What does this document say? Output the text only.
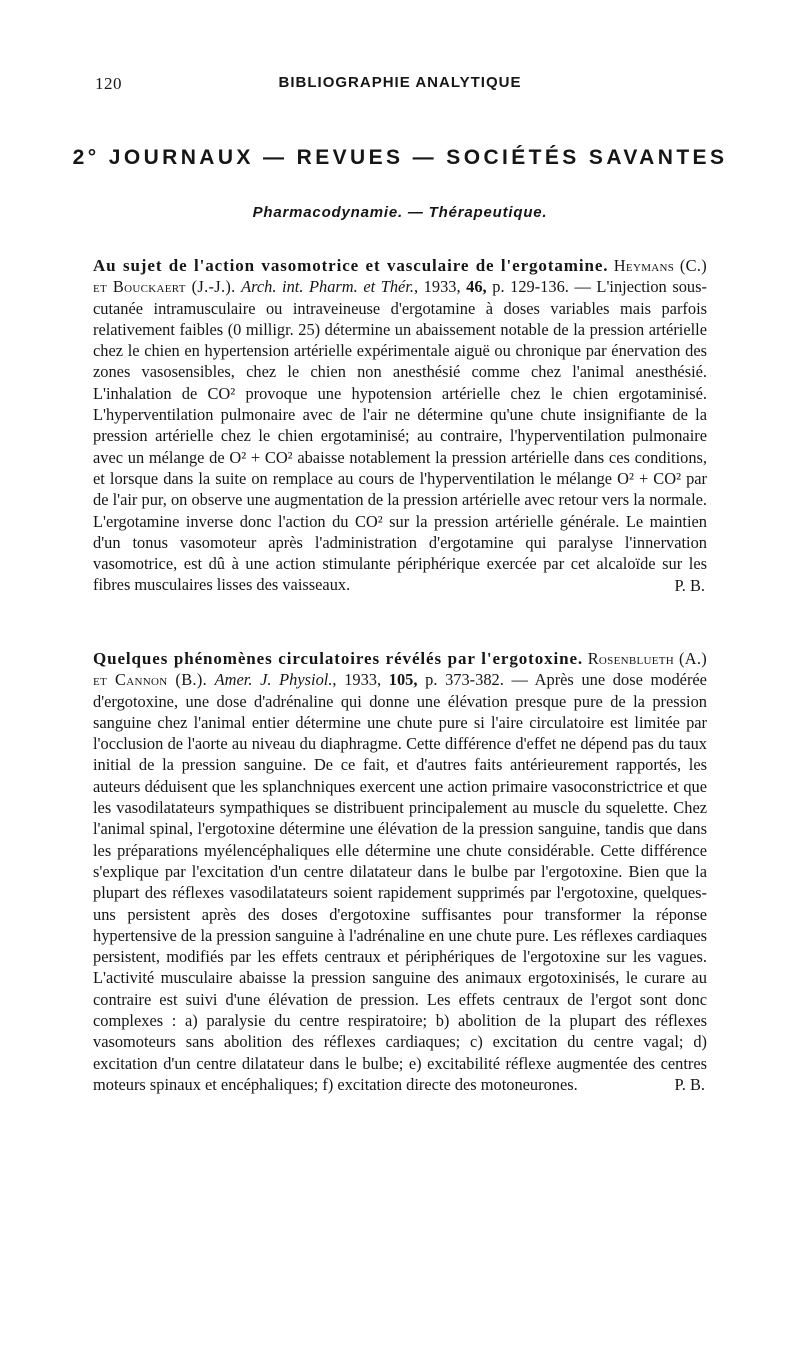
120	BIBLIOGRAPHIE ANALYTIQUE
2° JOURNAUX — REVUES — SOCIÉTÉS SAVANTES
Pharmacodynamie. — Thérapeutique.
Au sujet de l'action vasomotrice et vasculaire de l'ergotamine. Heymans (C.) et Bouckaert (J.-J.). Arch. int. Pharm. et Thér., 1933, 46, p. 129-136. — L'injection sous-cutanée intramusculaire ou intraveineuse d'ergotamine à doses variables mais parfois relativement faibles (0 milligr. 25) détermine un abaissement notable de la pression artérielle chez le chien en hypertension artérielle expérimentale aiguë ou chronique par énervation des zones vasosensibles, chez le chien non anesthésié comme chez l'animal anesthésié. L'inhalation de CO² provoque une hypotension artérielle chez le chien ergotaminisé. L'hyperventilation pulmonaire avec de l'air ne détermine qu'une chute insignifiante de la pression artérielle chez le chien ergotaminisé; au contraire, l'hyperventilation pulmonaire avec un mélange de O² + CO² abaisse notablement la pression artérielle dans ces conditions, et lorsque dans la suite on remplace au cours de l'hyperventilation le mélange O² + CO² par de l'air pur, on observe une augmentation de la pression artérielle avec retour vers la normale. L'ergotamine inverse donc l'action du CO² sur la pression artérielle générale. Le maintien d'un tonus vasomoteur après l'administration d'ergotamine qui paralyse l'innervation vasomotrice, est dû à une action stimulante périphérique exercée par cet alcaloïde sur les fibres musculaires lisses des vaisseaux.	P. B.
Quelques phénomènes circulatoires révélés par l'ergotoxine. Rosenblueth (A.) et Cannon (B.). Amer. J. Physiol., 1933, 105, p. 373-382. — Après une dose modérée d'ergotoxine, une dose d'adrénaline qui donne une élévation presque pure de la pression sanguine chez l'animal entier détermine une chute pure si l'aire circulatoire est limitée par l'occlusion de l'aorte au niveau du diaphragme. Cette différence d'effet ne dépend pas du taux initial de la pression sanguine. De ce fait, et d'autres faits antérieurement rapportés, les auteurs déduisent que les splanchniques exercent une action primaire vasoconstrictrice et que les vasodilatateurs sympathiques se distribuent principalement au muscle du squelette. Chez l'animal spinal, l'ergotoxine détermine une élévation de la pression sanguine, tandis que dans les préparations myélencéphaliques elle détermine une chute considérable. Cette différence s'explique par l'excitation d'un centre dilatateur dans le bulbe par l'ergotoxine. Bien que la plupart des réflexes vasodilatateurs soient rapidement supprimés par l'ergotoxine, quelques-uns persistent après des doses d'ergotoxine suffisantes pour transformer la réponse hypertensive de la pression sanguine à l'adrénaline en une chute pure. Les réflexes cardiaques persistent, modifiés par les effets centraux et périphériques de l'ergotoxine sur les vagues. L'activité musculaire abaisse la pression sanguine des animaux ergotoxinisés, le curare au contraire est suivi d'une élévation de pression. Les effets centraux de l'ergot sont donc complexes : a) paralysie du centre respiratoire; b) abolition de la plupart des réflexes vasomoteurs sans abolition des réflexes cardiaques; c) excitation du centre vagal; d) excitation d'un centre dilatateur dans le bulbe; e) excitabilité réflexe augmentée des centres moteurs spinaux et encéphaliques; f) excitation directe des motoneurones.	P. B.
